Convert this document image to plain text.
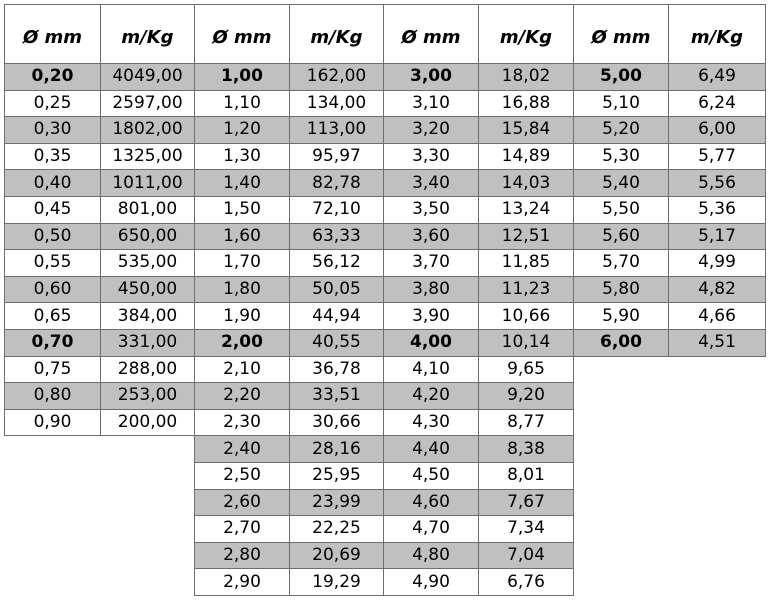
Ø mm	m/Kg	Ø mm	m/Kg	Ø mm	m/Kg	Ø mm	m/Kg
0,20	4049,00	1,00	162,00	3,00	18,02	5,00	6,49
0,25	2597,00	1,10	134,00	3,10	16,88	5,10	6,24
0,30	1802,00	1,20	113,00	3,20	15,84	5,20	6,00
0,35	1325,00	1,30	95,97	3,30	14,89	5,30	5,77
0,40	1011,00	1,40	82,78	3,40	14,03	5,40	5,56
0,45	801,00	1,50	72,10	3,50	13,24	5,50	5,36
0,50	650,00	1,60	63,33	3,60	12,51	5,60	5,17
0,55	535,00	1,70	56,12	3,70	11,85	5,70	4,99
0,60	450,00	1,80	50,05	3,80	11,23	5,80	4,82
0,65	384,00	1,90	44,94	3,90	10,66	5,90	4,66
0,70	331,00	2,00	40,55	4,00	10,14	6,00	4,51
0,75	288,00	2,10	36,78	4,10	9,65		
0,80	253,00	2,20	33,51	4,20	9,20		
0,90	200,00	2,30	30,66	4,30	8,77		
		2,40	28,16	4,40	8,38		
		2,50	25,95	4,50	8,01		
		2,60	23,99	4,60	7,67		
		2,70	22,25	4,70	7,34		
		2,80	20,69	4,80	7,04		
		2,90	19,29	4,90	6,76		
